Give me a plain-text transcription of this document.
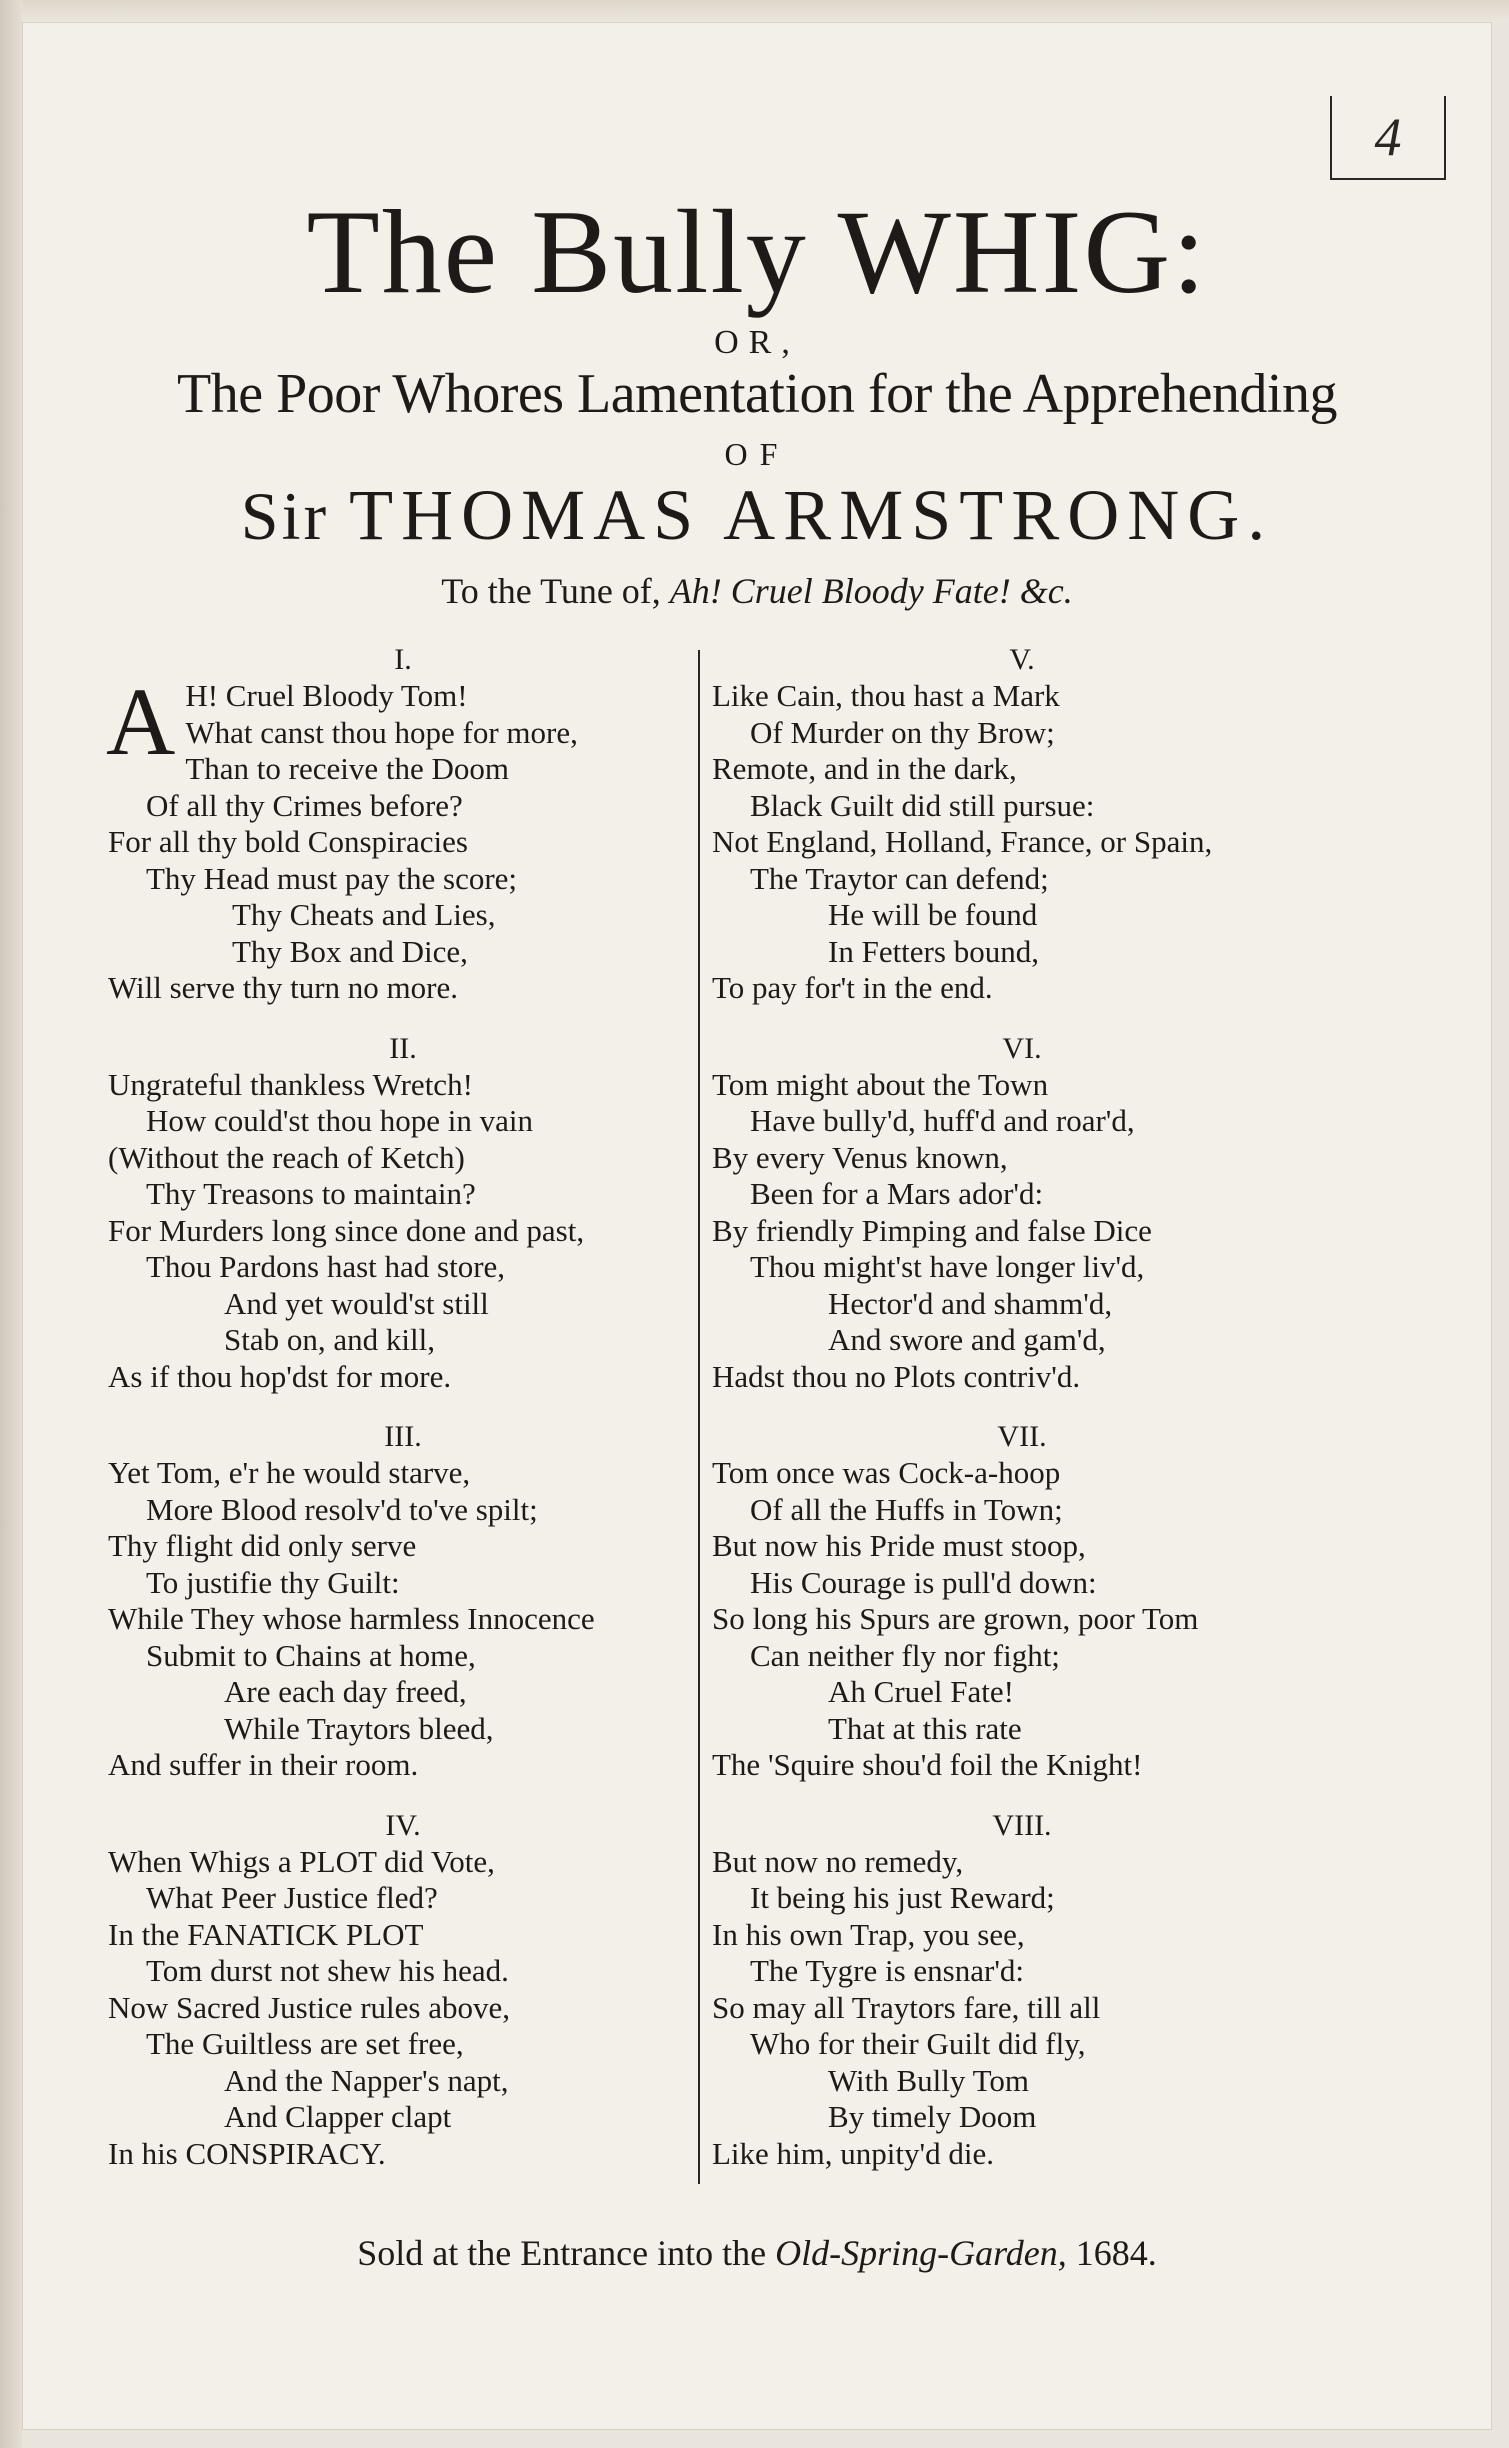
4
The Bully WHIG:
OR,
The Poor Whores Lamentation for the Apprehending
OF
Sir THOMAS ARMSTRONG.
To the Tune of, Ah! Cruel Bloody Fate! &c.
I.
A H! Cruel Bloody Tom!
What canst thou hope for more,
Than to receive the Doom
Of all thy Crimes before?
For all thy bold Conspiracies
Thy Head must pay the score;
Thy Cheats and Lies,
Thy Box and Dice,
Will serve thy turn no more.
II.
Ungrateful thankless Wretch!
How could'st thou hope in vain
(Without the reach of Ketch)
Thy Treasons to maintain?
For Murders long since done and past,
Thou Pardons hast had store,
And yet would'st still
Stab on, and kill,
As if thou hop'dst for more.
III.
Yet Tom, e'r he would starve,
More Blood resolv'd to've spilt;
Thy flight did only serve
To justifie thy Guilt:
While They whose harmless Innocence
Submit to Chains at home,
Are each day freed,
While Traytors bleed,
And suffer in their room.
IV.
When Whigs a PLOT did Vote,
What Peer Justice fled?
In the FANATICK PLOT
Tom durst not shew his head.
Now Sacred Justice rules above,
The Guiltless are set free,
And the Napper's napt,
And Clapper clapt
In his CONSPIRACY.
V.
Like Cain, thou hast a Mark
Of Murder on thy Brow;
Remote, and in the dark,
Black Guilt did still pursue:
Not England, Holland, France, or Spain,
The Traytor can defend;
He will be found
In Fetters bound,
To pay for't in the end.
VI.
Tom might about the Town
Have bully'd, huff'd and roar'd,
By every Venus known,
Been for a Mars ador'd:
By friendly Pimping and false Dice
Thou might'st have longer liv'd,
Hector'd and shamm'd,
And swore and gam'd,
Hadst thou no Plots contriv'd.
VII.
Tom once was Cock-a-hoop
Of all the Huffs in Town;
But now his Pride must stoop,
His Courage is pull'd down:
So long his Spurs are grown, poor Tom
Can neither fly nor fight;
Ah Cruel Fate!
That at this rate
The 'Squire shou'd foil the Knight!
VIII.
But now no remedy,
It being his just Reward;
In his own Trap, you see,
The Tygre is ensnar'd:
So may all Traytors fare, till all
Who for their Guilt did fly,
With Bully Tom
By timely Doom
Like him, unpity'd die.
Sold at the Entrance into the Old-Spring-Garden, 1684.
